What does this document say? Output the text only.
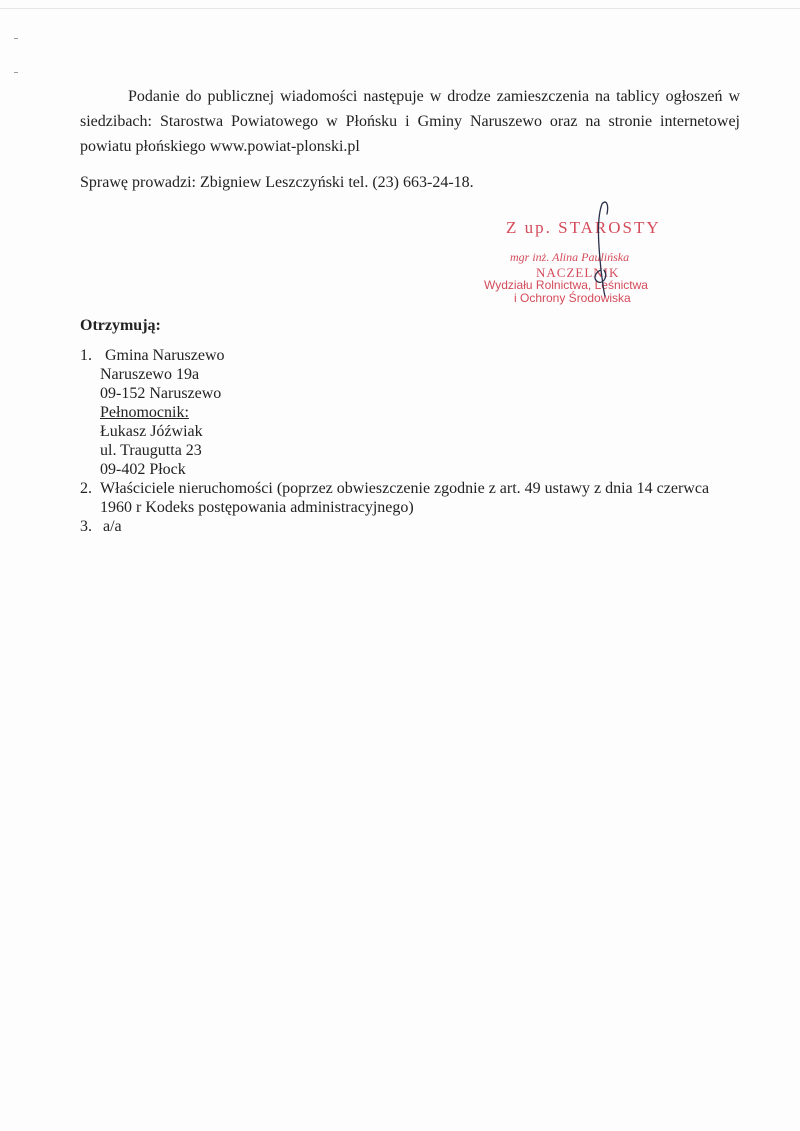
Podanie do publicznej wiadomości następuje w drodze zamieszczenia na tablicy ogłoszeń w siedzibach: Starostwa Powiatowego w Płońsku i Gminy Naruszewo oraz na stronie internetowej powiatu płońskiego www.powiat-plonski.pl

Sprawę prowadzi: Zbigniew Leszczyński tel. (23) 663-24-18.
Z up. STAROSTY
mgr inż. Alina Paulińska
NACZELNIK
Wydziału Rolnictwa, Leśnictwa
i Ochrony Środowiska
Otrzymują:
1. Gmina Naruszewo
Naruszewo 19a
09-152 Naruszewo
Pełnomocnik:
Łukasz Jóźwiak
ul. Traugutta 23
09-402 Płock
2. Właściciele nieruchomości (poprzez obwieszczenie zgodnie z art. 49 ustawy z dnia 14 czerwca
1960 r Kodeks postępowania administracyjnego)
3. a/a
